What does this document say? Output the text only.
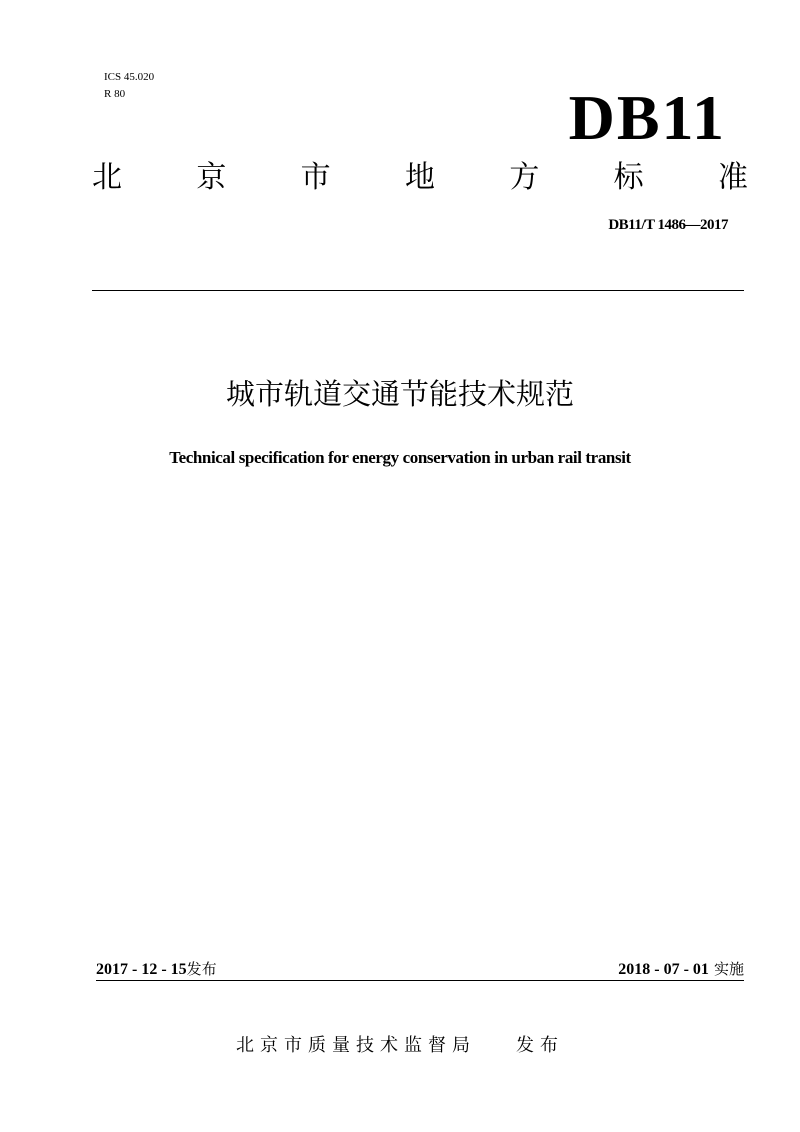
ICS 45.020
R 80	DB11
北 京 市 地 方 标 准
DB11/T 1486—2017
城市轨道交通节能技术规范
Technical specification for energy conservation in urban rail transit
2017 - 12 - 15发布	2018 - 07 - 01 实施
北京市质量技术监督局 发布
